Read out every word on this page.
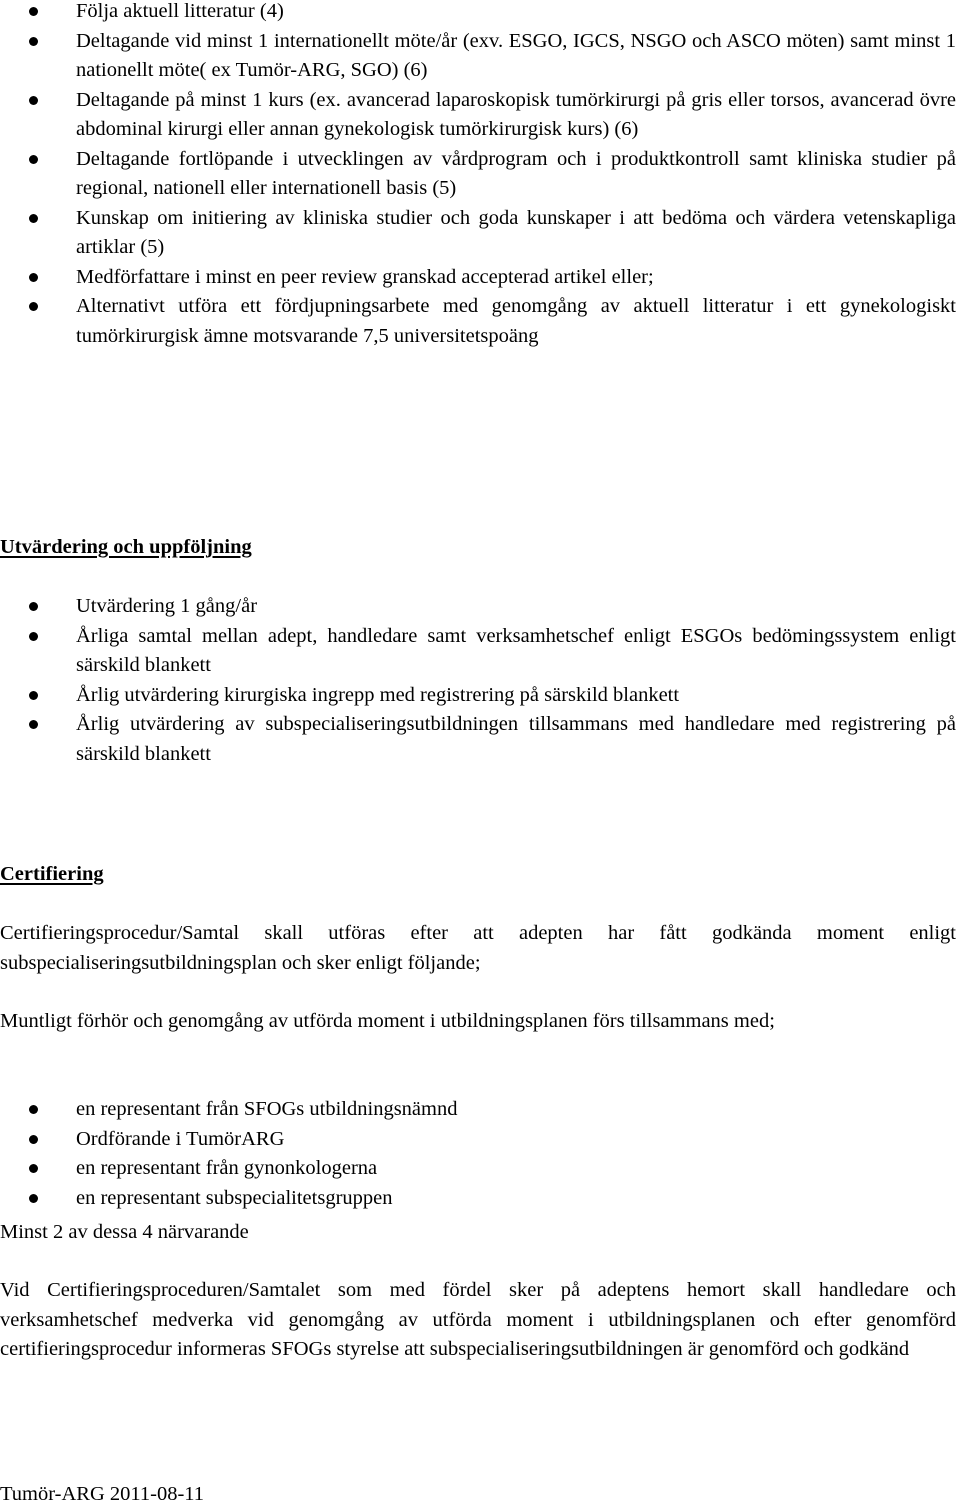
Följa aktuell litteratur (4)
Deltagande vid minst 1 internationellt möte/år (exv. ESGO, IGCS, NSGO och ASCO möten) samt minst 1 nationellt möte( ex Tumör-ARG, SGO) (6)
Deltagande på minst 1 kurs (ex. avancerad laparoskopisk tumörkirurgi på gris eller torsos, avancerad övre abdominal kirurgi eller annan gynekologisk tumörkirurgisk kurs) (6)
Deltagande fortlöpande i utvecklingen av vårdprogram och i produktkontroll samt kliniska studier på regional, nationell eller internationell basis (5)
Kunskap om initiering av kliniska studier och goda kunskaper i att bedöma och värdera vetenskapliga artiklar (5)
Medförfattare i minst en peer review granskad accepterad artikel eller;
Alternativt utföra ett fördjupningsarbete med genomgång av aktuell litteratur i ett gynekologiskt tumörkirurgisk ämne motsvarande 7,5 universitetspoäng
Utvärdering och uppföljning
Utvärdering 1 gång/år
Årliga samtal mellan adept, handledare samt verksamhetschef enligt ESGOs bedömingssystem enligt särskild blankett
Årlig utvärdering kirurgiska ingrepp med registrering på särskild blankett
Årlig utvärdering av subspecialiseringsutbildningen tillsammans med handledare med registrering på särskild blankett
Certifiering

Certifieringsprocedur/Samtal skall utföras efter att adepten har fått godkända moment enligt subspecialiseringsutbildningsplan och sker enligt följande;

Muntligt förhör och genomgång av utförda moment i utbildningsplanen förs tillsammans med;

en representant från SFOGs utbildningsnämnd
Ordförande i TumörARG
en representant från gynonkologerna
en representant subspecialitetsgruppen

Minst 2 av dessa 4 närvarande

Vid Certifieringsproceduren/Samtalet som med fördel sker på adeptens hemort skall handledare och verksamhetschef medverka vid genomgång av utförda moment i utbildningsplanen och efter genomförd certifieringsprocedur informeras SFOGs styrelse att subspecialiseringsutbildningen är genomförd och godkänd

Tumör-ARG 2011-08-11
